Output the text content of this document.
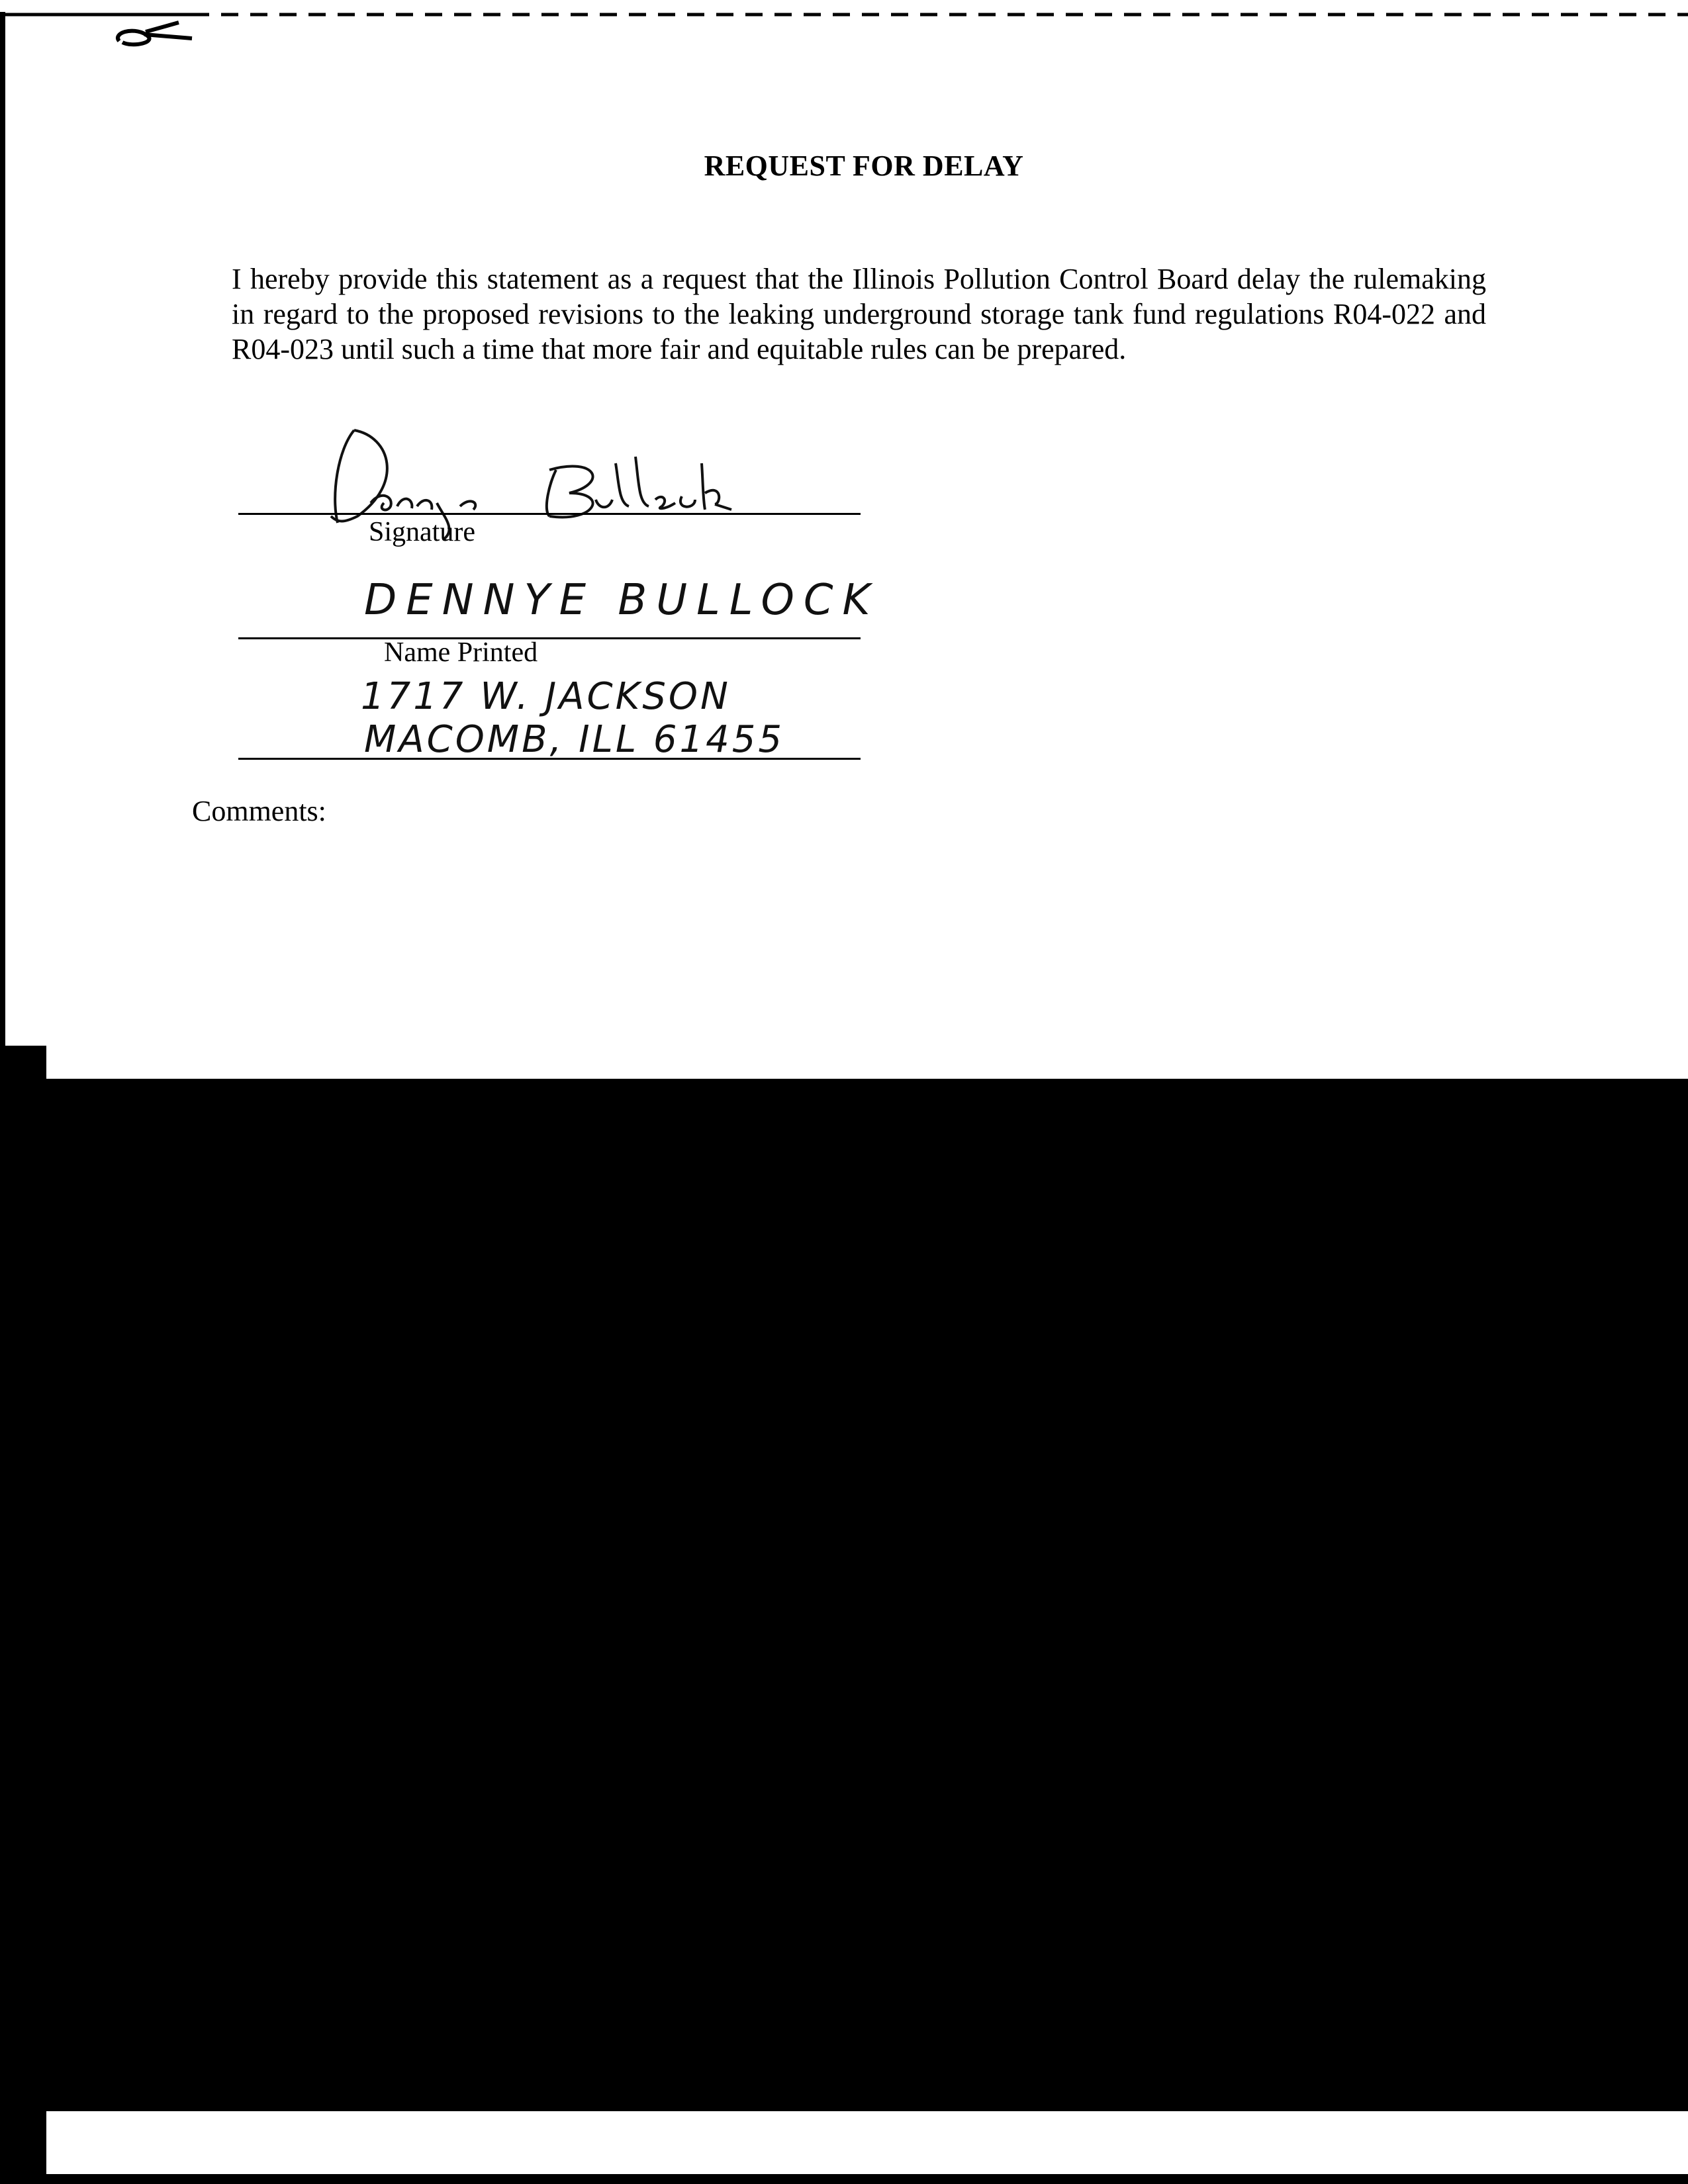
REQUEST FOR DELAY
I hereby provide this statement as a request that the Illinois Pollution Control Board delay the rulemaking in regard to the proposed revisions to the leaking underground storage tank fund regulations R04-022 and R04-023 until such a time that more fair and equitable rules can be prepared.
Signature
DENNYE BULLOCK
Name Printed
1717 W. JACKSON
MACOMB, ILL 61455
Comments:
